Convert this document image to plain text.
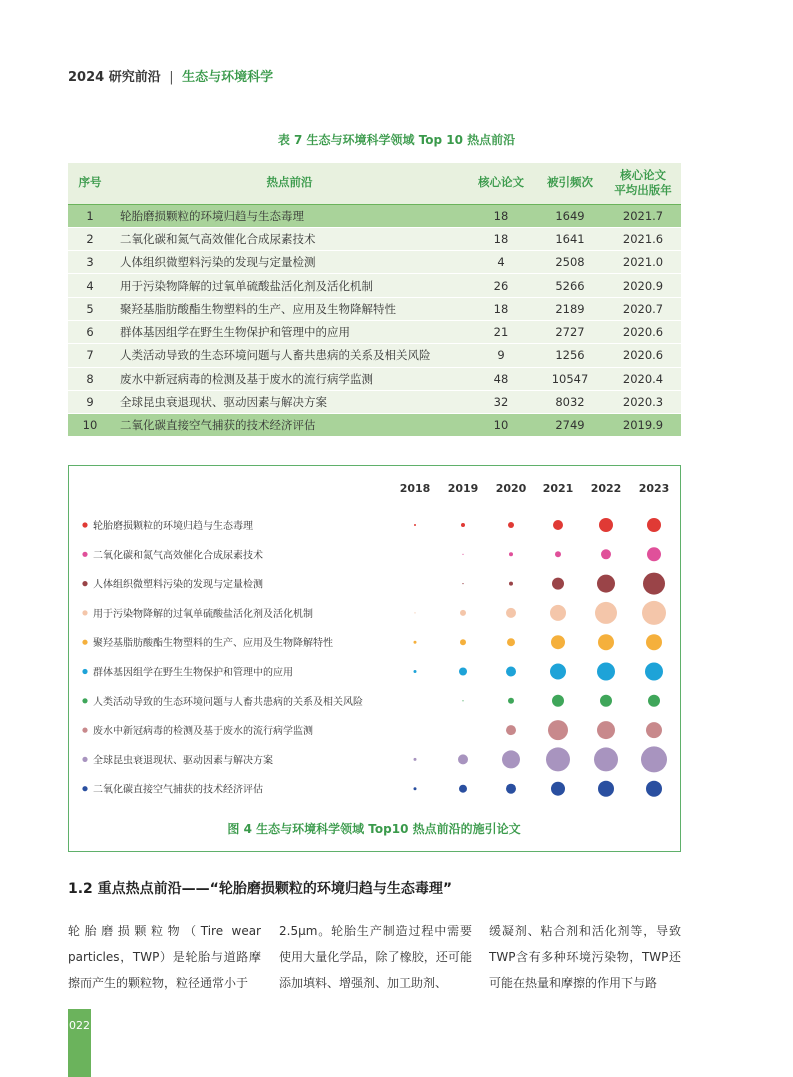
2024 研究前沿 | 生态与环境科学
表 7 生态与环境科学领域 Top 10 热点前沿
序号	热点前沿	核心论文	被引频次	核心论文
平均出版年
1	轮胎磨损颗粒的环境归趋与生态毒理	18	1649	2021.7
2	二氧化碳和氮气高效催化合成尿素技术	18	1641	2021.6
3	人体组织微塑料污染的发现与定量检测	4	2508	2021.0
4	用于污染物降解的过氧单硫酸盐活化剂及活化机制	26	5266	2020.9
5	聚羟基脂肪酸酯生物塑料的生产、应用及生物降解特性	18	2189	2020.7
6	群体基因组学在野生生物保护和管理中的应用	21	2727	2020.6
7	人类活动导致的生态环境问题与人畜共患病的关系及相关风险	9	1256	2020.6
8	废水中新冠病毒的检测及基于废水的流行病学监测	48	10547	2020.4
9	全球昆虫衰退现状、驱动因素与解决方案	32	8032	2020.3
10	二氧化碳直接空气捕获的技术经济评估	10	2749	2019.9
2018 2019 2020 2021 2022 2023
轮胎磨损颗粒的环境归趋与生态毒理
二氧化碳和氮气高效催化合成尿素技术
人体组织微塑料污染的发现与定量检测
用于污染物降解的过氧单硫酸盐活化剂及活化机制
聚羟基脂肪酸酯生物塑料的生产、应用及生物降解特性
群体基因组学在野生生物保护和管理中的应用
人类活动导致的生态环境问题与人畜共患病的关系及相关风险
废水中新冠病毒的检测及基于废水的流行病学监测
全球昆虫衰退现状、驱动因素与解决方案
二氧化碳直接空气捕获的技术经济评估
图 4 生态与环境科学领域 Top10 热点前沿的施引论文
1.2 重点热点前沿——“轮胎磨损颗粒的环境归趋与生态毒理”
轮胎磨损颗粒物（Tire wear particles，TWP）是轮胎与道路摩擦而产生的颗粒物，粒径通常小于
2.5μm。轮胎生产制造过程中需要使用大量化学品，除了橡胶，还可能添加填料、增强剂、加工助剂、
缓凝剂、粘合剂和活化剂等，导致TWP含有多种环境污染物，TWP还可能在热量和摩擦的作用下与路
022
